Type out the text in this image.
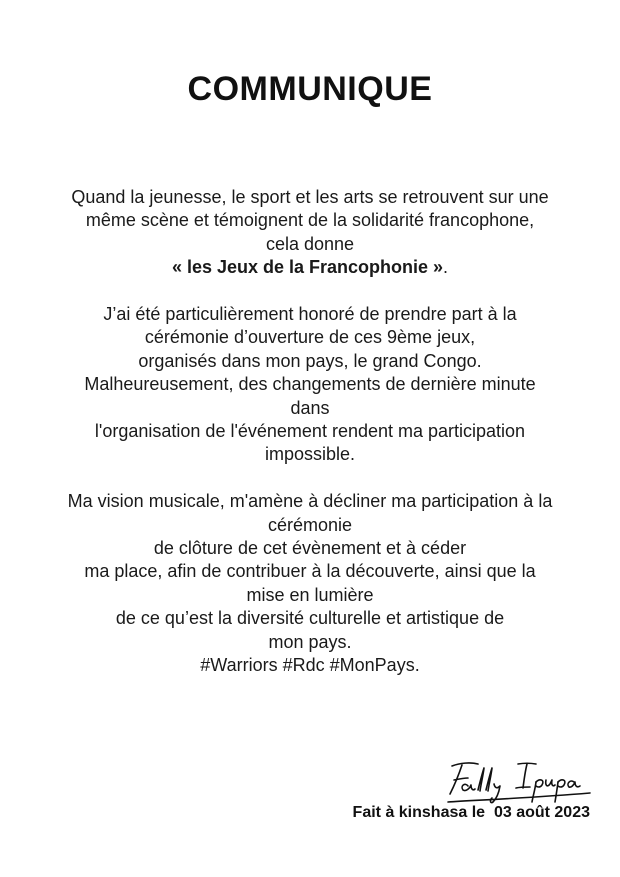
COMMUNIQUE
Quand la jeunesse, le sport et les arts se retrouvent sur une
même scène et témoignent de la solidarité francophone,
cela donne
« les Jeux de la Francophonie ».
J’ai été particulièrement honoré de prendre part à la
cérémonie d’ouverture de ces 9ème jeux,
organisés dans mon pays, le grand Congo.
Malheureusement, des changements de dernière minute
dans
l'organisation de l'événement rendent ma participation
impossible.
Ma vision musicale, m'amène à décliner ma participation à la
cérémonie
de clôture de cet évènement et à céder
ma place, afin de contribuer à la découverte, ainsi que la
mise en lumière
de ce qu’est la diversité culturelle et artistique de
mon pays.
#Warriors #Rdc #MonPays.
Fait à kinshasa le  03 août 2023
